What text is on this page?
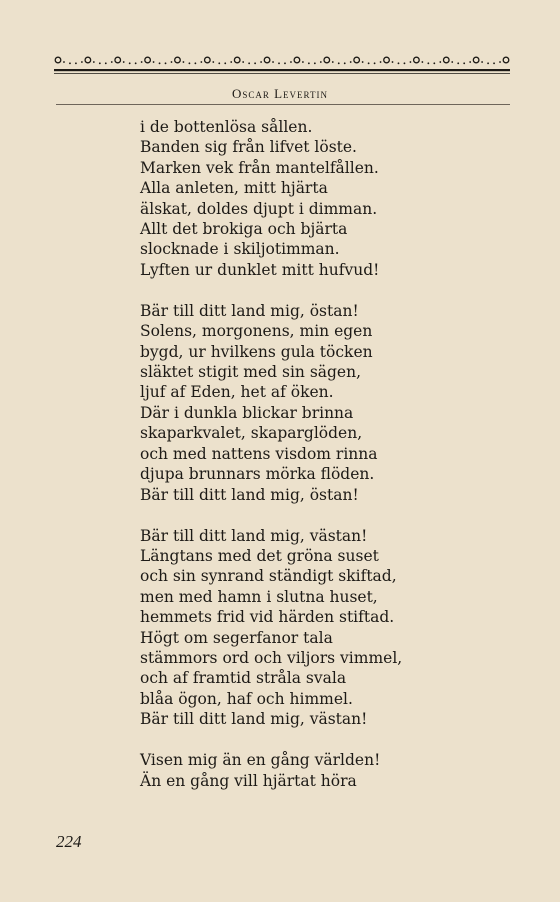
Oscar Levertin
i de bottenlösa sållen.
Banden sig från lifvet löste.
Marken vek från mantelfållen.
Alla anleten, mitt hjärta
älskat, doldes djupt i dimman.
Allt det brokiga och bjärta
slocknade i skiljotimman.
Lyften ur dunklet mitt hufvud!
Bär till ditt land mig, östan!
Solens, morgonens, min egen
bygd, ur hvilkens gula töcken
släktet stigit med sin sägen,
ljuf af Eden, het af öken.
Där i dunkla blickar brinna
skaparkvalet, skaparglöden,
och med nattens visdom rinna
djupa brunnars mörka flöden.
Bär till ditt land mig, östan!
Bär till ditt land mig, västan!
Längtans med det gröna suset
och sin synrand ständigt skiftad,
men med hamn i slutna huset,
hemmets frid vid härden stiftad.
Högt om segerfanor tala
stämmors ord och viljors vimmel,
och af framtid stråla svala
blåa ögon, haf och himmel.
Bär till ditt land mig, västan!
Visen mig än en gång världen!
Än en gång vill hjärtat höra
224
